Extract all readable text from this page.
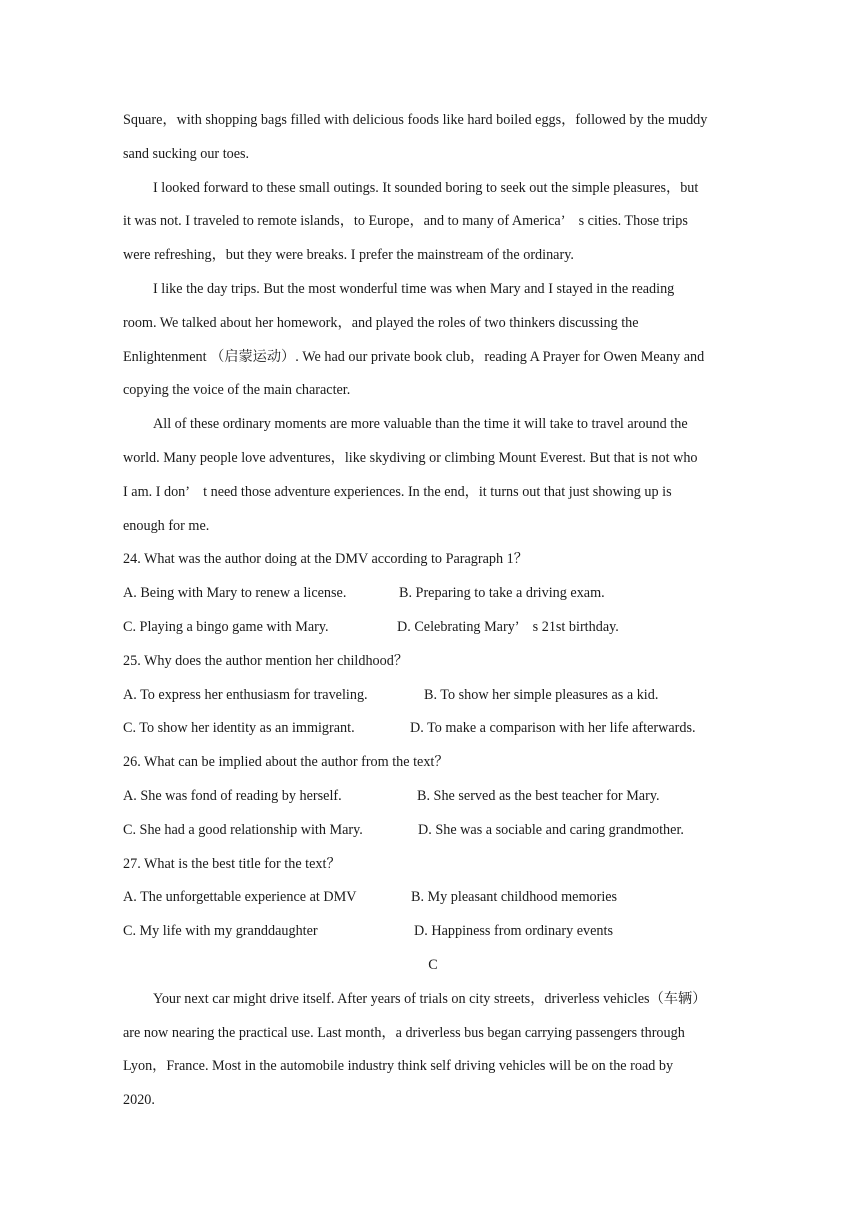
Square，with shopping bags filled with delicious foods like hard boiled eggs，followed by the muddy
sand sucking our toes.
I looked forward to these small outings. It sounded boring to seek out the simple pleasures，but
it was not. I traveled to remote islands，to Europe，and to many of America’　s cities. Those trips
were refreshing，but they were breaks. I prefer the mainstream of the ordinary.
I like the day trips. But the most wonderful time was when Mary and I stayed in the reading
room. We talked about her homework，and played the roles of two thinkers discussing the
Enlightenment （启蒙运动）. We had our private book club，reading A Prayer for Owen Meany and
copying the voice of the main character.
All of these ordinary moments are more valuable than the time it will take to travel around the
world. Many people love adventures，like skydiving or climbing Mount Everest. But that is not who
I am. I don’　t need those adventure experiences. In the end，it turns out that just showing up is
enough for me.
24. What was the author doing at the DMV according to Paragraph 1？
A. Being with Mary to renew a license.	B. Preparing to take a driving exam.
C. Playing a bingo game with Mary.	D. Celebrating Mary’　s 21st birthday.
25. Why does the author mention her childhood？
A. To express her enthusiasm for traveling.	B. To show her simple pleasures as a kid.
C. To show her identity as an immigrant.	D. To make a comparison with her life afterwards.
26. What can be implied about the author from the text？
A. She was fond of reading by herself.	B. She served as the best teacher for Mary.
C. She had a good relationship with Mary.	D. She was a sociable and caring grandmother.
27. What is the best title for the text？
A. The unforgettable experience at DMV	B. My pleasant childhood memories
C. My life with my granddaughter	D. Happiness from ordinary events
C
Your next car might drive itself. After years of trials on city streets，driverless vehicles（车辆）
are now nearing the practical use. Last month，a driverless bus began carrying passengers through
Lyon，France. Most in the automobile industry think self driving vehicles will be on the road by
2020.
